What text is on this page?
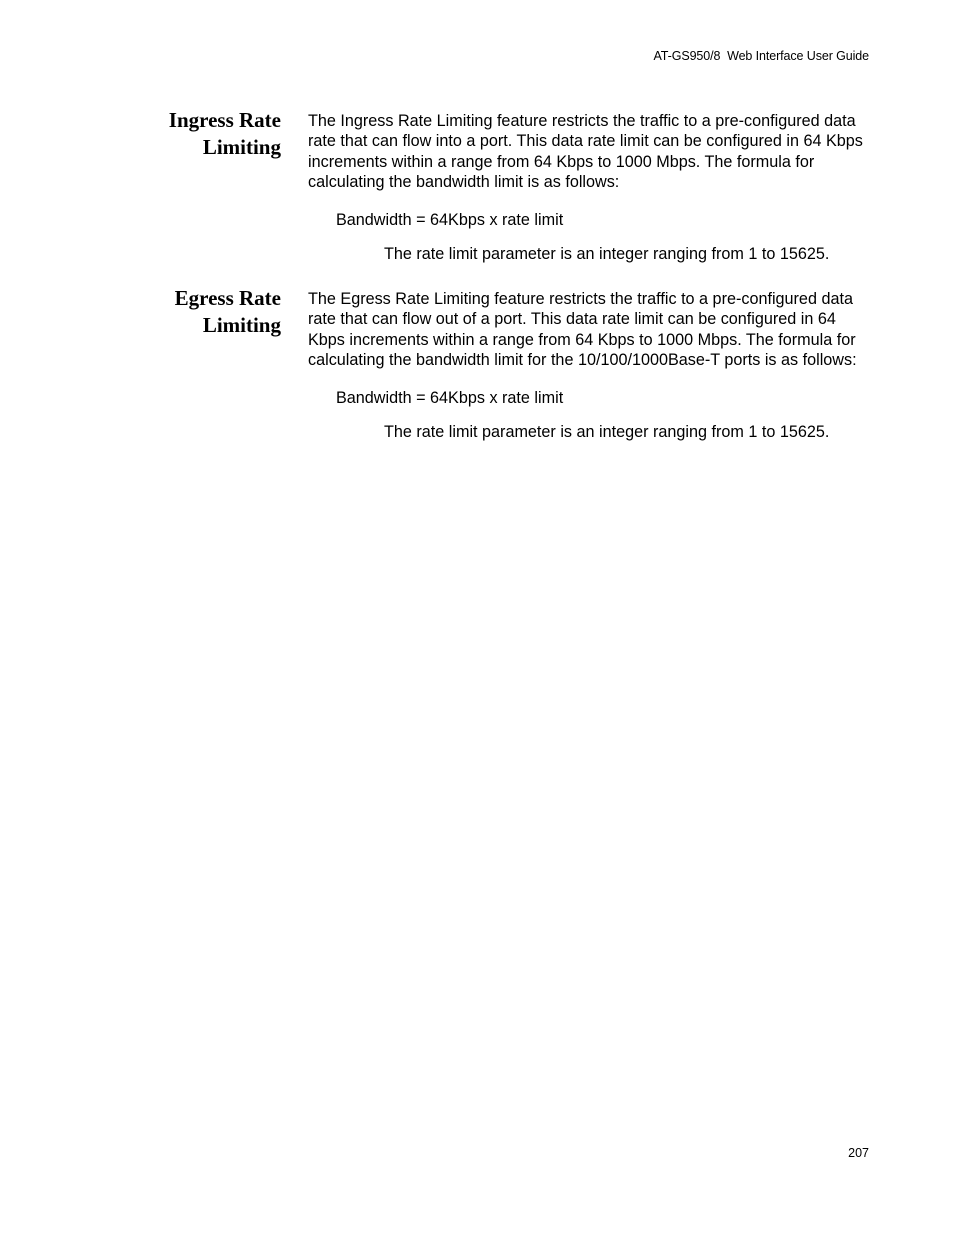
AT-GS950/8  Web Interface User Guide
Ingress Rate
Limiting

The Ingress Rate Limiting feature restricts the traffic to a pre-configured data rate that can flow into a port. This data rate limit can be configured in 64 Kbps increments within a range from 64 Kbps to 1000 Mbps. The formula for calculating the bandwidth limit is as follows:

Bandwidth = 64Kbps x rate limit

The rate limit parameter is an integer ranging from 1 to 15625.

Egress Rate
Limiting

The Egress Rate Limiting feature restricts the traffic to a pre-configured data rate that can flow out of a port. This data rate limit can be configured in 64 Kbps increments within a range from 64 Kbps to 1000 Mbps. The formula for calculating the bandwidth limit for the 10/100/1000Base-T ports is as follows:

Bandwidth = 64Kbps x rate limit

The rate limit parameter is an integer ranging from 1 to 15625.

207
